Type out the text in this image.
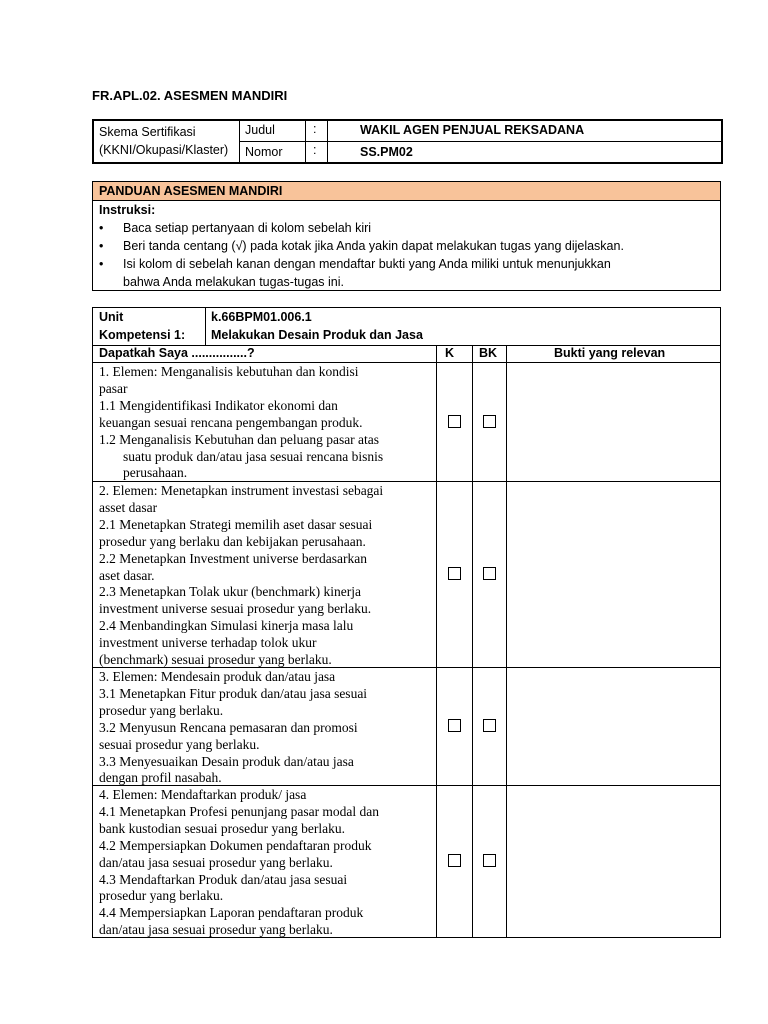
FR.APL.02. ASESMEN MANDIRI
Skema Sertifikasi
(KKNI/Okupasi/Klaster)
Judul
Nomor
:
:
WAKIL AGEN PENJUAL REKSADANA
SS.PM02
PANDUAN ASESMEN MANDIRI
Instruksi:
• Baca setiap pertanyaan di kolom sebelah kiri
• Beri tanda centang (√) pada kotak jika Anda yakin dapat melakukan tugas yang dijelaskan.
• Isi kolom di sebelah kanan dengan mendaftar bukti yang Anda miliki untuk menunjukkan
bahwa Anda melakukan tugas-tugas ini.
Unit
Kompetensi 1:
k.66BPM01.006.1
Melakukan Desain Produk dan Jasa
Dapatkah Saya ................?	K BK	Bukti yang relevan
1. Elemen: Menganalisis kebutuhan dan kondisi
pasar
1.1 Mengidentifikasi Indikator ekonomi dan
keuangan sesuai rencana pengembangan produk.
1.2 Menganalisis Kebutuhan dan peluang pasar atas
suatu produk dan/atau jasa sesuai rencana bisnis
perusahaan.
2. Elemen: Menetapkan instrument investasi sebagai
asset dasar
2.1 Menetapkan Strategi memilih aset dasar sesuai
prosedur yang berlaku dan kebijakan perusahaan.
2.2 Menetapkan Investment universe berdasarkan
aset dasar.
2.3 Menetapkan Tolak ukur (benchmark) kinerja
investment universe sesuai prosedur yang berlaku.
2.4 Menbandingkan Simulasi kinerja masa lalu
investment universe terhadap tolok ukur
(benchmark) sesuai prosedur yang berlaku.
3. Elemen: Mendesain produk dan/atau jasa
3.1 Menetapkan Fitur produk dan/atau jasa sesuai
prosedur yang berlaku.
3.2 Menyusun Rencana pemasaran dan promosi
sesuai prosedur yang berlaku.
3.3 Menyesuaikan Desain produk dan/atau jasa
dengan profil nasabah.
4. Elemen: Mendaftarkan produk/ jasa
4.1 Menetapkan Profesi penunjang pasar modal dan
bank kustodian sesuai prosedur yang berlaku.
4.2 Mempersiapkan Dokumen pendaftaran produk
dan/atau jasa sesuai prosedur yang berlaku.
4.3 Mendaftarkan Produk dan/atau jasa sesuai
prosedur yang berlaku.
4.4 Mempersiapkan Laporan pendaftaran produk
dan/atau jasa sesuai prosedur yang berlaku.
